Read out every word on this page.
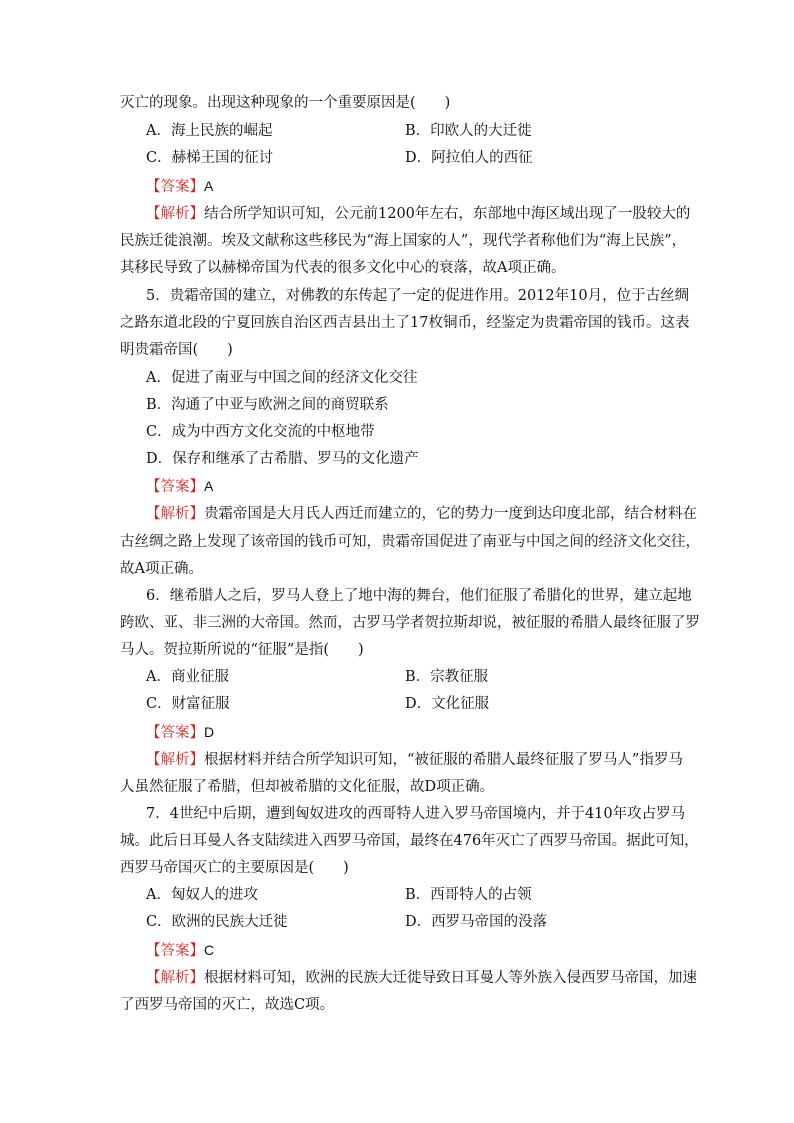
灭亡的现象。出现这种现象的一个重要原因是(　　)
A．海上民族的崛起	B．印欧人的大迁徙
C．赫梯王国的征讨	D．阿拉伯人的西征
【答案】A
【解析】结合所学知识可知，公元前1200年左右，东部地中海区域出现了一股较大的
民族迁徙浪潮。埃及文献称这些移民为“海上国家的人”，现代学者称他们为“海上民族”，
其移民导致了以赫梯帝国为代表的很多文化中心的衰落，故A项正确。
5．贵霜帝国的建立，对佛教的东传起了一定的促进作用。2012年10月，位于古丝绸
之路东道北段的宁夏回族自治区西吉县出土了17枚铜币，经鉴定为贵霜帝国的钱币。这表
明贵霜帝国(　　)
A．促进了南亚与中国之间的经济文化交往
B．沟通了中亚与欧洲之间的商贸联系
C．成为中西方文化交流的中枢地带
D．保存和继承了古希腊、罗马的文化遗产
【答案】A
【解析】贵霜帝国是大月氏人西迁而建立的，它的势力一度到达印度北部，结合材料在
古丝绸之路上发现了该帝国的钱币可知，贵霜帝国促进了南亚与中国之间的经济文化交往，
故A项正确。
6．继希腊人之后，罗马人登上了地中海的舞台，他们征服了希腊化的世界，建立起地
跨欧、亚、非三洲的大帝国。然而，古罗马学者贺拉斯却说，被征服的希腊人最终征服了罗
马人。贺拉斯所说的“征服”是指(　　)
A．商业征服	B．宗教征服
C．财富征服	D．文化征服
【答案】D
【解析】根据材料并结合所学知识可知，“被征服的希腊人最终征服了罗马人”指罗马
人虽然征服了希腊，但却被希腊的文化征服，故D项正确。
7．4世纪中后期，遭到匈奴进攻的西哥特人进入罗马帝国境内，并于410年攻占罗马
城。此后日耳曼人各支陆续进入西罗马帝国，最终在476年灭亡了西罗马帝国。据此可知，
西罗马帝国灭亡的主要原因是(　　)
A．匈奴人的进攻	B．西哥特人的占领
C．欧洲的民族大迁徙	D．西罗马帝国的没落
【答案】C
【解析】根据材料可知，欧洲的民族大迁徙导致日耳曼人等外族入侵西罗马帝国，加速
了西罗马帝国的灭亡，故选C项。
